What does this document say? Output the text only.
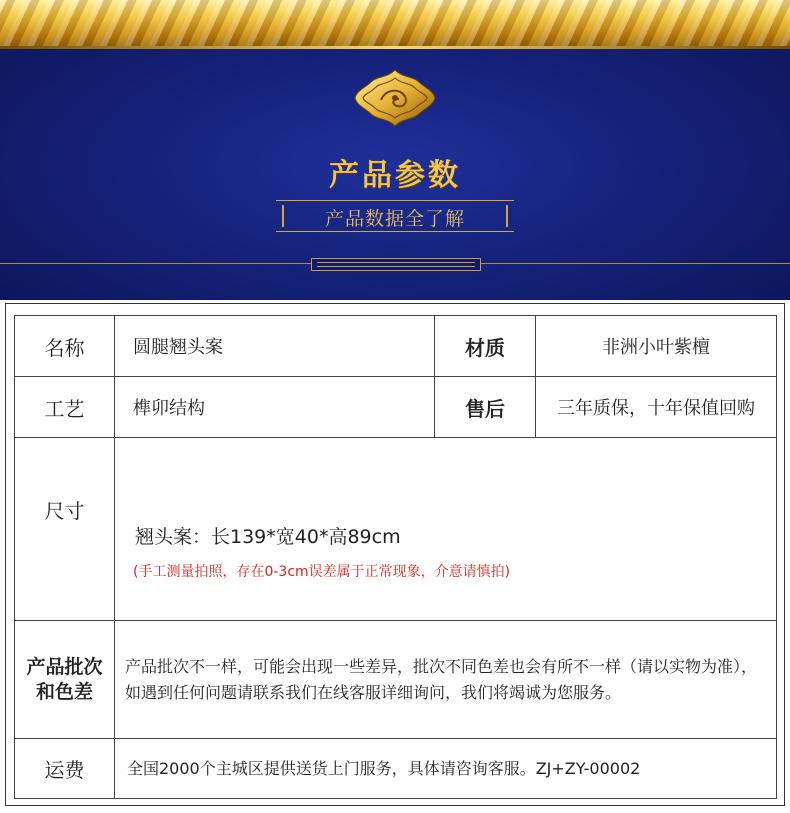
产品参数
产品数据全了解
名称	圆腿翘头案	材质	非洲小叶紫檀
工艺	榫卯结构	售后	三年质保，十年保值回购
尺寸	翘头案：长139*宽40*高89cm
(手工测量拍照，存在0-3cm误差属于正常现象，介意请慎拍)		

产品批次
和色差	产品批次不一样，可能会出现一些差异，批次不同色差也会有所不一样（请以实物为准），如遇到任何问题请联系我们在线客服详细询问，我们将竭诚为您服务。		
运费	全国2000个主城区提供送货上门服务，具体请咨询客服。ZJ+ZY-00002		
